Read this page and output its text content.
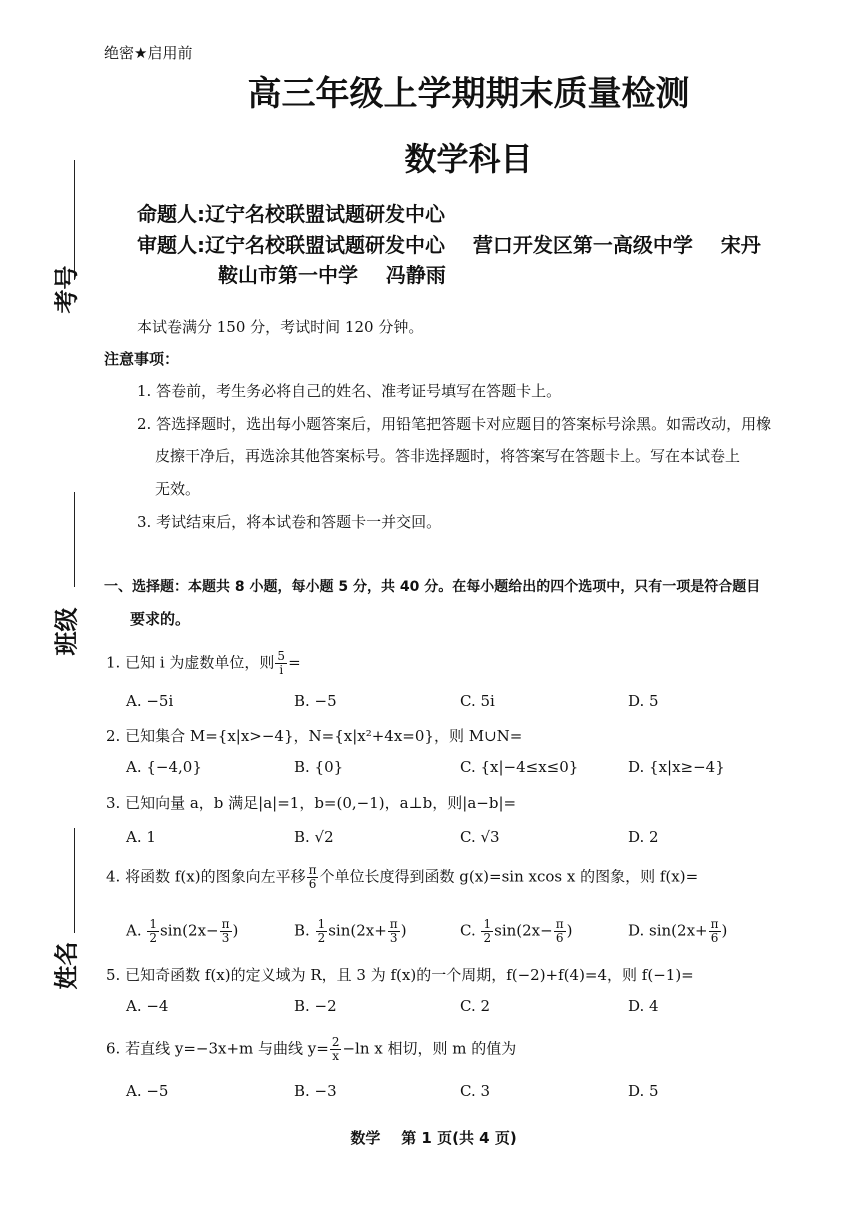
绝密★启用前
高三年级上学期期末质量检测
数学科目
命题人:辽宁名校联盟试题研发中心
审题人:辽宁名校联盟试题研发中心    营口开发区第一高级中学    宋丹
鞍山市第一中学    冯静雨
考号
班级
姓名
本试卷满分 150 分，考试时间 120 分钟。
注意事项：
1. 答卷前，考生务必将自己的姓名、准考证号填写在答题卡上。
2. 答选择题时，选出每小题答案后，用铅笔把答题卡对应题目的答案标号涂黑。如需改动，用橡
皮擦干净后，再选涂其他答案标号。答非选择题时，将答案写在答题卡上。写在本试卷上
无效。
3. 考试结束后，将本试卷和答题卡一并交回。
一、选择题：本题共 8 小题，每小题 5 分，共 40 分。在每小题给出的四个选项中，只有一项是符合题目
要求的。
1. 已知 i 为虚数单位，则 $\frac{5}{i}$ =
A. −5i	B. −5	C. 5i	D. 5
2. 已知集合 M={x|x>−4}，N={x|x²+4x=0}，则 M∪N=
A. {−4,0}	B. {0}	C. {x|−4≤x≤0}	D. {x|x≥−4}
3. 已知向量 a，b 满足|a|=1，b=(0,−1)，a⊥b，则|a−b|=
A. 1	B. √2	C. √3	D. 2
4. 将函数 f(x)的图象向左平移 $\frac{\pi}{6}$ 个单位长度得到函数 g(x)=sin xcos x 的图象，则 f(x)=
A. $\frac{1}{2} \sin(2x- \frac{\pi}{3}$ )	B. $\frac{1}{2} \sin(2x+ \frac{\pi}{3}$ )	C. $\frac{1}{2} \sin(2x- \frac{\pi}{6}$ )	D. $\sin(2x+ \frac{\pi}{6}$ )
5. 已知奇函数 f(x)的定义域为 R，且 3 为 f(x)的一个周期，f(−2)+f(4)=4，则 f(−1)=
A. −4	B. −2	C. 2	D. 4
6. 若直线 y=−3x+m 与曲线 $y= \frac{2}{x} -\ln$ x 相切，则 m 的值为
A. −5	B. −3	C. 3	D. 5
数学    第 1 页(共 4 页)
